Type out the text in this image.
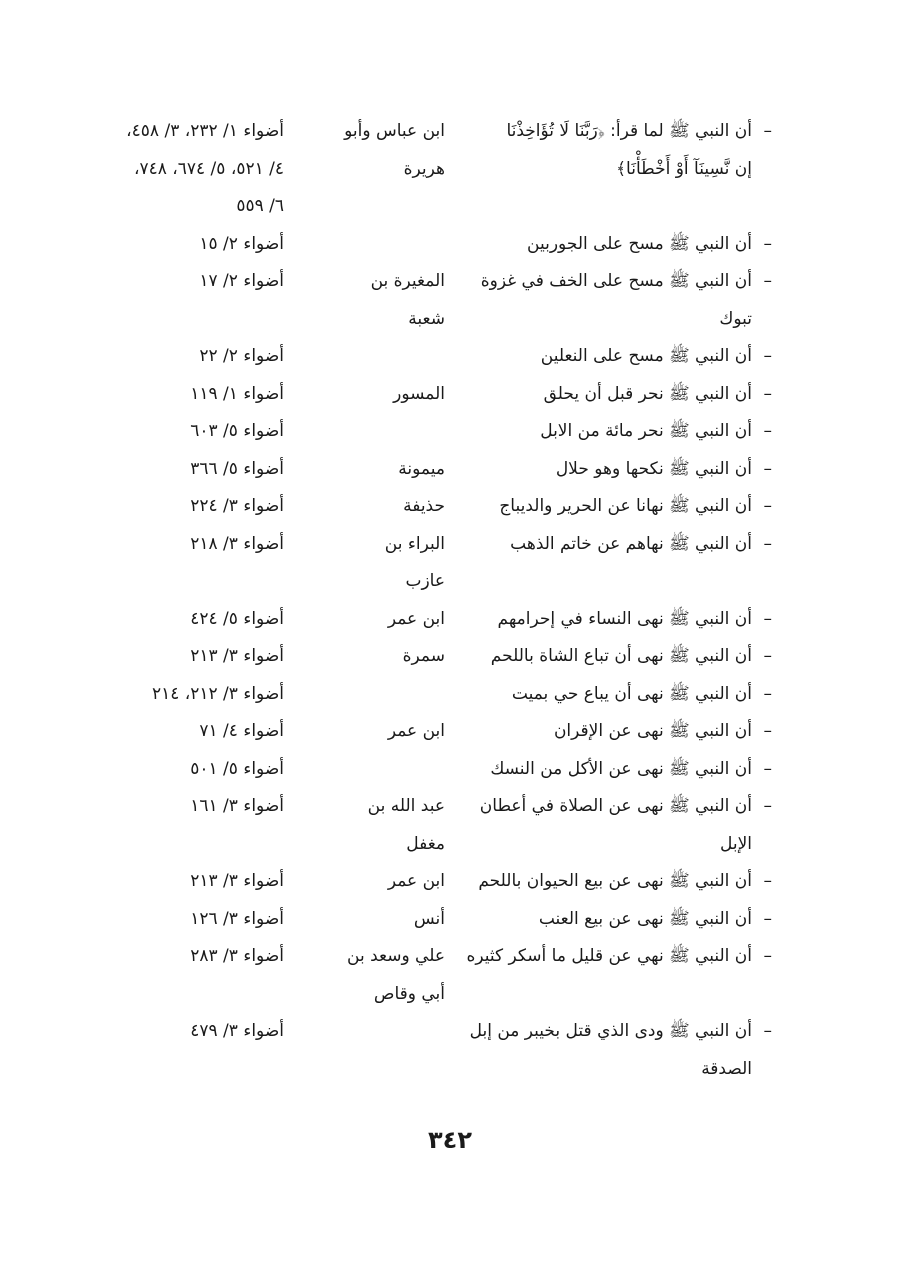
–
أن النبي ﷺ لما قرأ: ﴿رَبَّنَا لَا تُؤَاخِذْنَا
إن نَّسِينَآ أَوْ أَخْطَأْنَا﴾
ابن عباس وأبو
هريرة
أضواء ١/ ٢٣٢، ٣/ ٤٥٨،
٤/ ٥٢١، ٥/ ٦٧٤، ٧٤٨،
٦/ ٥٥٩
–
أن النبي ﷺ مسح على الجوربين
أضواء ٢/ ١٥
–
أن النبي ﷺ مسح على الخف في غزوة
تبوك
المغيرة بن
شعبة
أضواء ٢/ ١٧
–
أن النبي ﷺ مسح على النعلين
أضواء ٢/ ٢٢
–
أن النبي ﷺ نحر قبل أن يحلق
المسور
أضواء ١/ ١١٩
–
أن النبي ﷺ نحر مائة من الابل
أضواء ٥/ ٦٠٣
–
أن النبي ﷺ نكحها وهو حلال
ميمونة
أضواء ٥/ ٣٦٦
–
أن النبي ﷺ نهانا عن الحرير والديباج
حذيفة
أضواء ٣/ ٢٢٤
–
أن النبي ﷺ نهاهم عن خاتم الذهب
البراء بن
عازب
أضواء ٣/ ٢١٨
–
أن النبي ﷺ نهى النساء في إحرامهم
ابن عمر
أضواء ٥/ ٤٢٤
–
أن النبي ﷺ نهى أن تباع الشاة باللحم
سمرة
أضواء ٣/ ٢١٣
–
أن النبي ﷺ نهى أن يباع حي بميت
أضواء ٣/ ٢١٢، ٢١٤
–
أن النبي ﷺ نهى عن الإقران
ابن عمر
أضواء ٤/ ٧١
–
أن النبي ﷺ نهى عن الأكل من النسك
أضواء ٥/ ٥٠١
–
أن النبي ﷺ نهى عن الصلاة في أعطان
الإبل
عبد الله بن
مغفل
أضواء ٣/ ١٦١
–
أن النبي ﷺ نهى عن بيع الحيوان باللحم
ابن عمر
أضواء ٣/ ٢١٣
–
أن النبي ﷺ نهى عن بيع العنب
أنس
أضواء ٣/ ١٢٦
–
أن النبي ﷺ نهي عن قليل ما أسكر كثيره
علي وسعد بن
أبي وقاص
أضواء ٣/ ٢٨٣
–
أن النبي ﷺ ودى الذي قتل بخيبر من إبل
الصدقة
أضواء ٣/ ٤٧٩
٣٤٢
